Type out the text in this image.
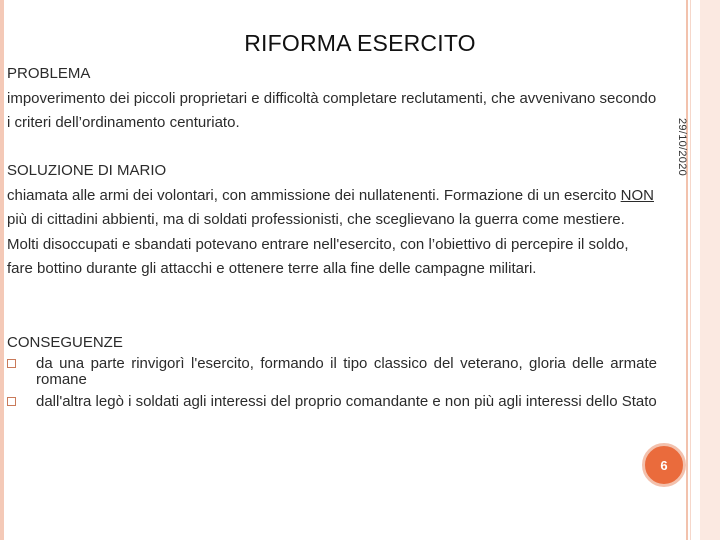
RIFORMA ESERCITO
29/10/2020
PROBLEMA
impoverimento dei piccoli proprietari e difficoltà completare reclutamenti, che avvenivano secondo i criteri dell’ordinamento centuriato.
SOLUZIONE DI MARIO
chiamata alle armi dei volontari, con ammissione dei nullatenenti. Formazione di un esercito NON più di cittadini abbienti, ma di soldati professionisti, che sceglievano la guerra come mestiere. Molti disoccupati e sbandati potevano entrare nell'esercito, con l’obiettivo di percepire il soldo, fare bottino durante gli attacchi e ottenere terre alla fine delle campagne militari.
CONSEGUENZE
da una parte rinvigorì l'esercito, formando il tipo classico del veterano, gloria delle armate romane
dall'altra legò i soldati agli interessi del proprio comandante e non più agli interessi dello Stato
6
